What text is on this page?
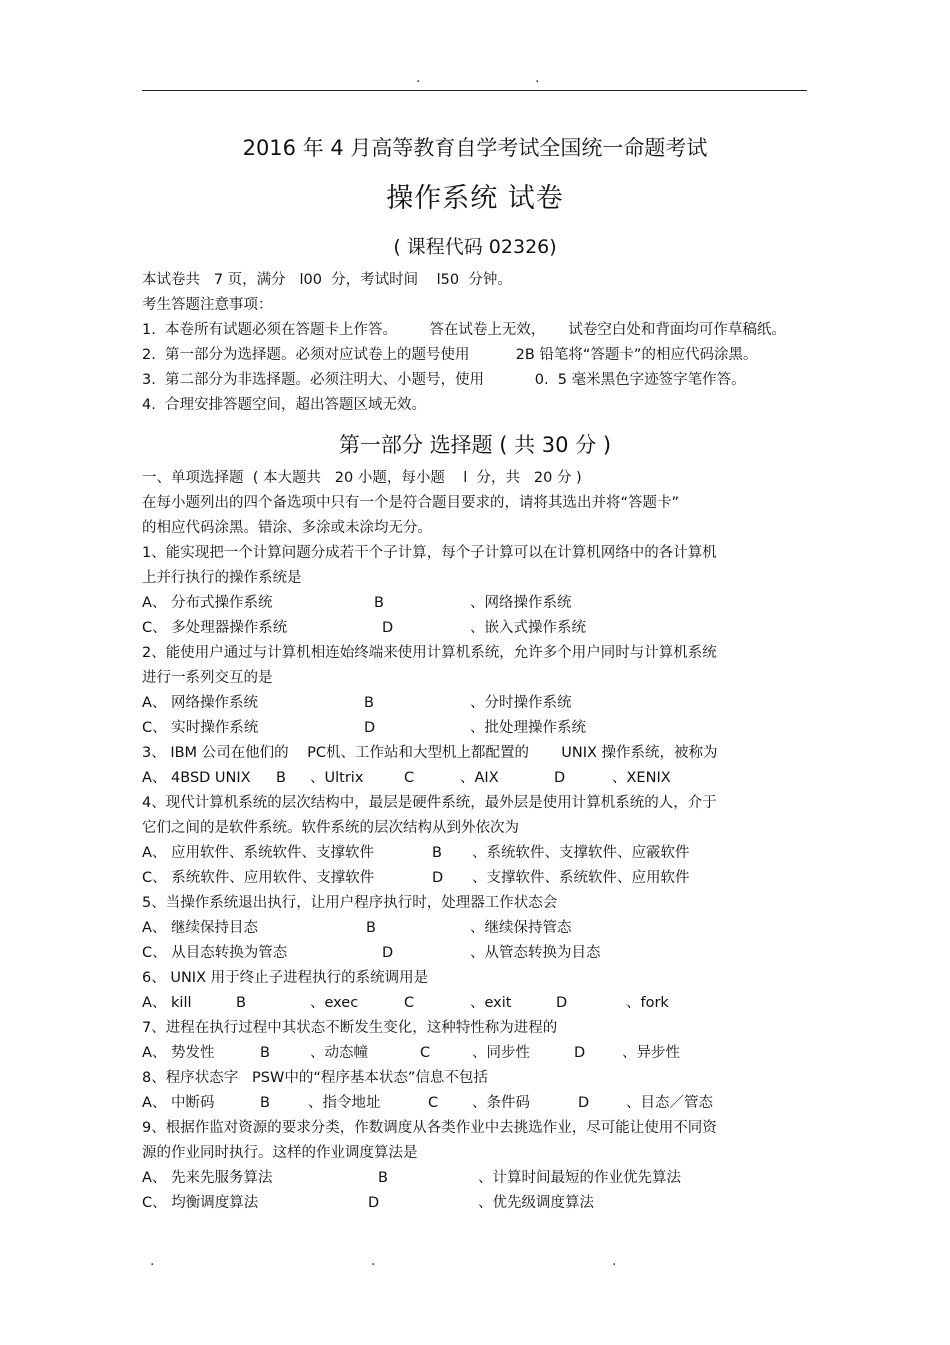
.	.
2016 年 4 月高等教育自学考试全国统一命题考试
操作系统 试卷
( 课程代码 02326)
本试卷共   7 页，满分   l00  分，考试时间    l50  分钟。
考生答题注意事项：
1.  本卷所有试题必须在答题卡上作答。       答在试卷上无效，     试卷空白处和背面均可作草稿纸。
2.  第一部分为选择题。必须对应试卷上的题号使用          2B 铅笔将“答题卡”的相应代码涂黑。
3.  第二部分为非选择题。必须注明大、小题号，使用           0.  5 毫米黑色字迹签字笔作答。
4.  合理安排答题空间，超出答题区域无效。
第一部分 选择题 ( 共 30 分 )
一、单项选择题  ( 本大题共   20 小题，每小题    l  分，共   20 分 )
在每小题列出的四个备选项中只有一个是符合题目要求的，请将其选出并将“答题卡”
的相应代码涂黑。错涂、多涂或未涂均无分。
1、能实现把一个计算问题分成若干个子计算，每个子计算可以在计算机网络中的各计算机
上并行执行的操作系统是
A、 分布式操作系统	B	、网络操作系统
C、 多处理器操作系统	D	、嵌入式操作系统
2、能使用户通过与计算机相连始终端来使用计算机系统，允许多个用户同时与计算机系统
进行一系列交互的是
A、 网络操作系统	B	、分时操作系统
C、 实时操作系统	D	、批处理操作系统
3、 IBM 公司在他们的    PC机、工作站和大型机上都配置的       UNIX 操作系统，被称为
A、 4BSD UNIX B 、Ultrix	C	、AIX	D	、XENIX
4、现代计算机系统的层次结构中，最层是硬件系统，最外层是使用计算机系统的人，介于
它们之间的是软件系统。软件系统的层次结构从到外依次为
A、 应用软件、系统软件、支撑软件	B 、系统软件、支撑软件、应霰软件
C、 系统软件、应用软件、支撑软件	D 、支撑软件、系统软件、应用软件
5、当操作系统退出执行，让用户程序执行时，处理器工作状态会
A、 继续保持目态	B	、继续保持管态
C、 从目态转换为管态	D	、从管态转换为目态
6、 UNIX 用于终止子进程执行的系统调用是
A、 kill	B	、exec	C	、exit	D	、fork
7、进程在执行过程中其状态不断发生变化，这种特性称为进程的
A、 势发性	B	、动态幢	C	、同步性	D	、异步性
8、程序状态字   PSW中的“程序基本状态”信息不包括
A、 中断码	B	、指令地址	C 、条件码	D	、目态／管态
9、根据作监对资源的要求分类，作数调度从各类作业中去挑选作业，尽可能让使用不同资
源的作业同时执行。这样的作业调度算法是
A、 先来先服务算法	B	、计算时间最短的作业优先算法
C、 均衡调度算法	D	、优先级调度算法
.	.	.
